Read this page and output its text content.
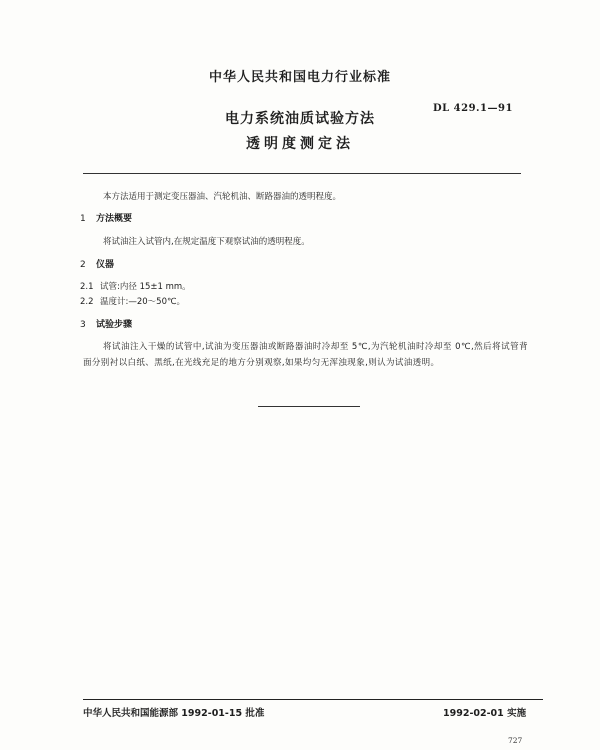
中华人民共和国电力行业标准
DL 429.1—91
电力系统油质试验方法
透明度测定法
本方法适用于测定变压器油、汽轮机油、断路器油的透明程度。
1 方法概要
将试油注入试管内,在规定温度下观察试油的透明程度。
2 仪器
2.1 试管:内径 15±1 mm。
2.2 温度计:—20～50℃。
3 试验步骤
将试油注入干燥的试管中,试油为变压器油或断路器油时冷却至 5℃,为汽轮机油时冷却至 0℃,然后将试管背面分别衬以白纸、黑纸,在光线充足的地方分别观察,如果均匀无浑浊现象,则认为试油透明。
中华人民共和国能源部 1992-01-15 批准	1992-02-01 实施
727
